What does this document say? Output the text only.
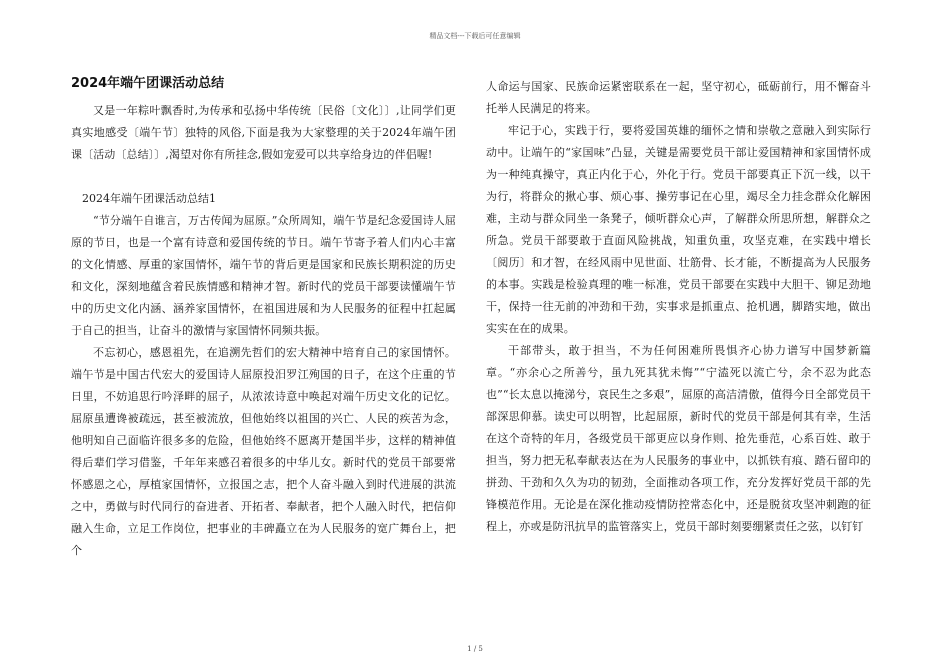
精品文档---下载后可任意编辑
2024年端午团课活动总结

又是一年粽叶飘香时,为传承和弘扬中华传统〔民俗〔文化〕〕,让同学们更真实地感受〔端午节〕独特的风俗,下面是我为大家整理的关于2024年端午团课〔活动〔总结〕〕,渴望对你有所挂念,假如宠爱可以共享给身边的伴侣喔!

2024年端午团课活动总结1

“节分端午自谁言，万古传闻为屈原。”众所周知，端午节是纪念爱国诗人屈原的节日，也是一个富有诗意和爱国传统的节日。端午节寄予着人们内心丰富的文化情感、厚重的家国情怀，端午节的背后更是国家和民族长期积淀的历史和文化，深刻地蕴含着民族情感和精神才智。新时代的党员干部要读懂端午节中的历史文化内涵、涵养家国情怀，在祖国进展和为人民服务的征程中扛起属于自己的担当，让奋斗的激情与家国情怀同频共振。

不忘初心，感恩祖先，在追溯先哲们的宏大精神中培育自己的家国情怀。端午节是中国古代宏大的爱国诗人屈原投汨罗江殉国的日子，在这个庄重的节日里，不妨追思行吟泽畔的屈子，从浓浓诗意中唤起对端午历史文化的记忆。屈原虽遭谗被疏远，甚至被流放，但他始终以祖国的兴亡、人民的疾苦为念，他明知自己面临许很多多的危险，但他始终不愿离开楚国半步，这样的精神值得后辈们学习借鉴，千年年来感召着很多的中华儿女。新时代的党员干部要常怀感恩之心，厚植家国情怀，立报国之志，把个人奋斗融入到时代进展的洪流之中，勇做与时代同行的奋进者、开拓者、奉献者，把个人融入时代，把信仰融入生命，立足工作岗位，把事业的丰碑矗立在为人民服务的宽广舞台上，把个

人命运与国家、民族命运紧密联系在一起，坚守初心，砥砺前行，用不懈奋斗托举人民满足的将来。

牢记于心，实践于行，要将爱国英雄的缅怀之情和崇敬之意融入到实际行动中。让端午的“家国味”凸显，关键是需要党员干部让爱国精神和家国情怀成为一种纯真操守，真正内化于心，外化于行。党员干部要真正下沉一线，以干为行，将群众的揪心事、烦心事、操劳事记在心里，竭尽全力挂念群众化解困难，主动与群众同坐一条凳子，倾听群众心声，了解群众所思所想，解群众之所急。党员干部要敢于直面风险挑战，知重负重，攻坚克难，在实践中增长〔阅历〕和才智，在经风雨中见世面、壮筋骨、长才能，不断提高为人民服务的本事。实践是检验真理的唯一标准，党员干部要在实践中大胆干、铆足劲地干，保持一往无前的冲劲和干劲，实事求是抓重点、抢机遇，脚踏实地，做出实实在在的成果。

干部带头，敢于担当，不为任何困难所畏惧齐心协力谱写中国梦新篇章。“亦余心之所善兮，虽九死其犹未悔”“宁溘死以流亡兮，余不忍为此态也”“长太息以掩涕兮，哀民生之多艰”，屈原的高洁清傲，值得今日全部党员干部深思仰慕。读史可以明智，比起屈原，新时代的党员干部是何其有幸，生活在这个奇特的年月，各级党员干部更应以身作则、抢先垂范，心系百姓、敢于担当，努力把无私奉献表达在为人民服务的事业中，以抓铁有痕、踏石留印的拼劲、干劲和久久为功的韧劲，全面推动各项工作，充分发挥好党员干部的先锋模范作用。无论是在深化推动疫情防控常态化中，还是脱贫攻坚冲刺跑的征程上，亦或是防汛抗旱的监管落实上，党员干部时刻要绷紧责任之弦，以钉钉

1 / 5
